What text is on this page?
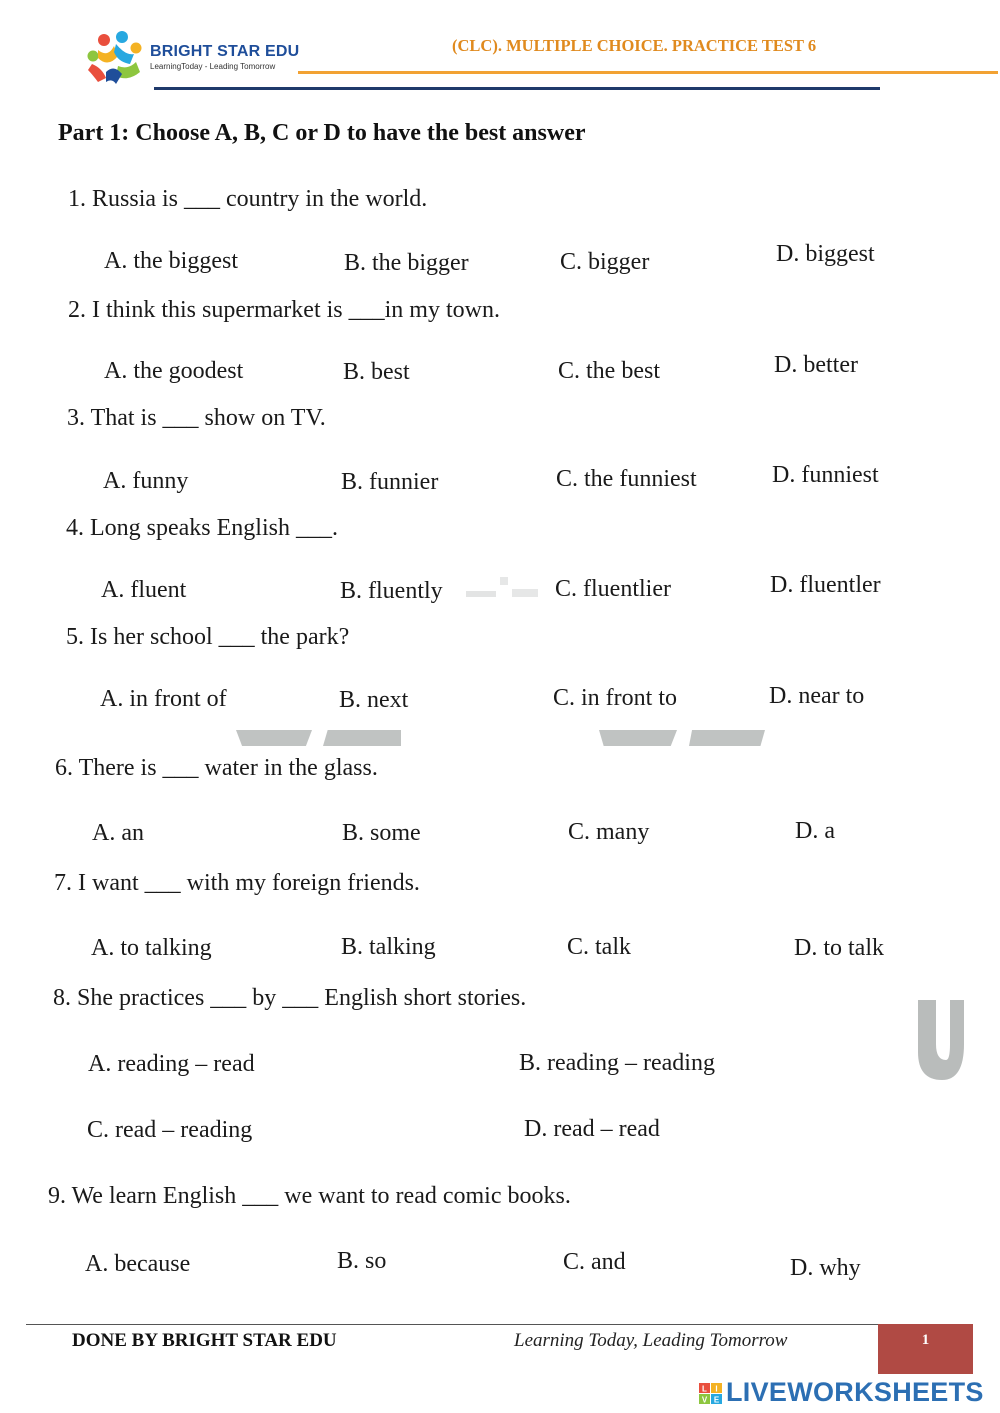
BRIGHT STAR EDU
LearningToday - Leading Tomorrow
(CLC). MULTIPLE CHOICE. PRACTICE TEST 6
Part 1: Choose A, B, C or D to have the best answer
1. Russia is ___ country in the world.
A. the biggest	B. the bigger	C. bigger	D. biggest
2. I think this supermarket is ___in my town.
A. the goodest	B. best	C. the best	D. better
3. That is ___ show on TV.
A. funny	B. funnier	C. the funniest	D. funniest
4. Long speaks English ___.
A. fluent	B. fluently	C. fluentlier	D. fluentler
5. Is her school ___ the park?
A. in front of	B. next	C. in front to	D. near to
6. There is ___ water in the glass.
A. an	B. some	C. many	D. a
7. I want ___ with my foreign friends.
A. to talking	B. talking	C. talk	D. to talk
8. She practices ___ by ___ English short stories.
A. reading – read	B. reading – reading
C. read – reading	D. read – read
9. We learn English ___ we want to read comic books.
A. because	B. so	C. and	D. why
DONE BY BRIGHT STAR EDU	Learning Today, Leading Tomorrow	1
L I
V E LIVEWORKSHEETS
